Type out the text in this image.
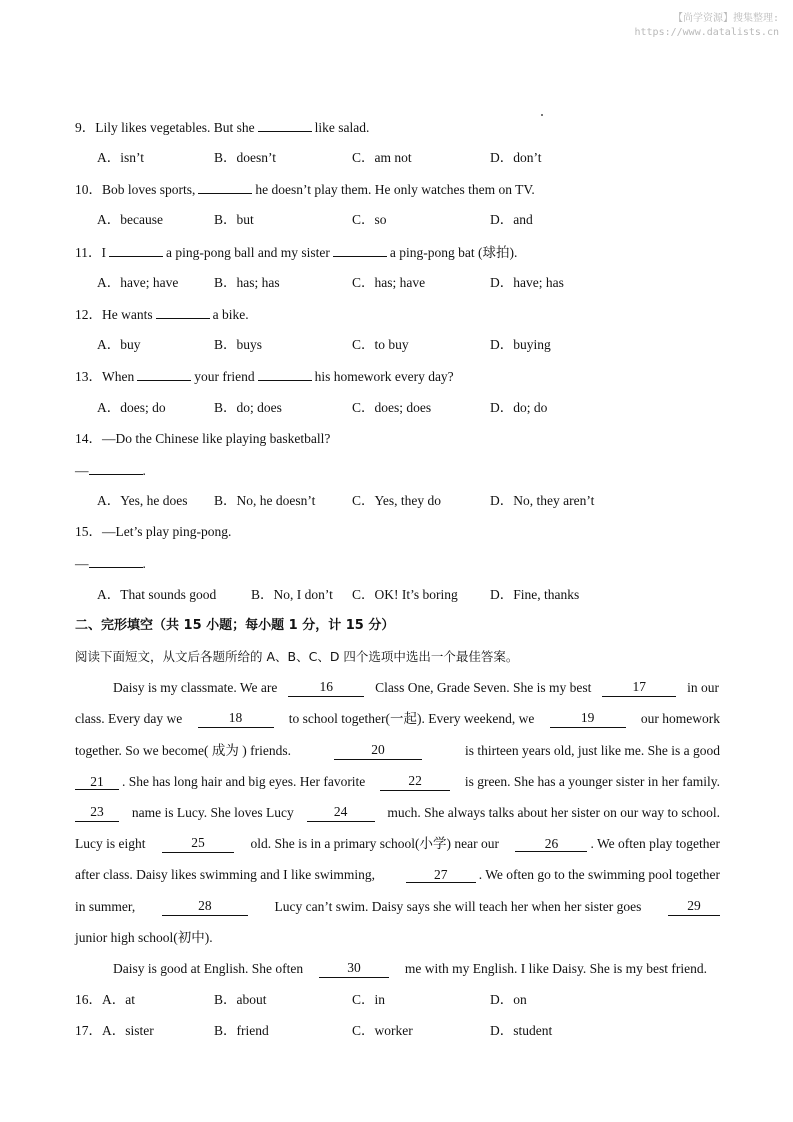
【尚学资源】搜集整理:
https://www.datalists.cn
9．Lily likes vegetables. But she	like salad.
A．isn’t	B．doesn’t	C．am not	D．don’t
10．Bob loves sports,	he doesn’t play them. He only watches them on TV.
A．because	B．but	C．so	D．and
11．I	a ping-pong ball and my sister	a ping-pong bat (球拍).
A．have; have	B．has; has	C．has; have	D．have; has
12．He wants	a bike.
A．buy	B．buys	C．to buy	D．buying
13．When	your friend	his homework every day?
A．does; do	B．do; does	C．does; does	D．do; do
14．—Do the Chinese like playing basketball?
—	.
A．Yes, he does B．No, he doesn’t	C．Yes, they do	D．No, they aren’t
15．—Let’s play ping-pong.
—	.
A．That sounds good	B．No, I don’t C．OK! It’s boring D．Fine, thanks
二、完形填空（共 15 小题；每小题 1 分，计 15 分）
阅读下面短文，从文后各题所给的 A、B、C、D 四个选项中选出一个最佳答案。
Daisy is my classmate. We are	16	Class One, Grade Seven. She is my best	17	in our
class. Every day we	18	to school together(一起). Every weekend, we	19	our homework
together. So we become( 成为 ) friends.	20	is thirteen years old, just like me. She is a good
21 . She has long hair and big eyes. Her favorite	22	is green. She has a younger sister in her family.
23	name is Lucy. She loves Lucy	24	much. She always talks about her sister on our way to school.
Lucy is eight	25	old. She is in a primary school(小学) near our	26 . We often play together
after class. Daisy likes swimming and I like swimming,	27 . We often go to the swimming pool together
in summer,	28	Lucy can’t swim. Daisy says she will teach her when her sister goes	29
junior high school(初中).
Daisy is good at English. She often	30	me with my English. I like Daisy. She is my best friend.
16．A．at	B．about	C．in	D．on
17．A．sister	B．friend	C．worker	D．student
